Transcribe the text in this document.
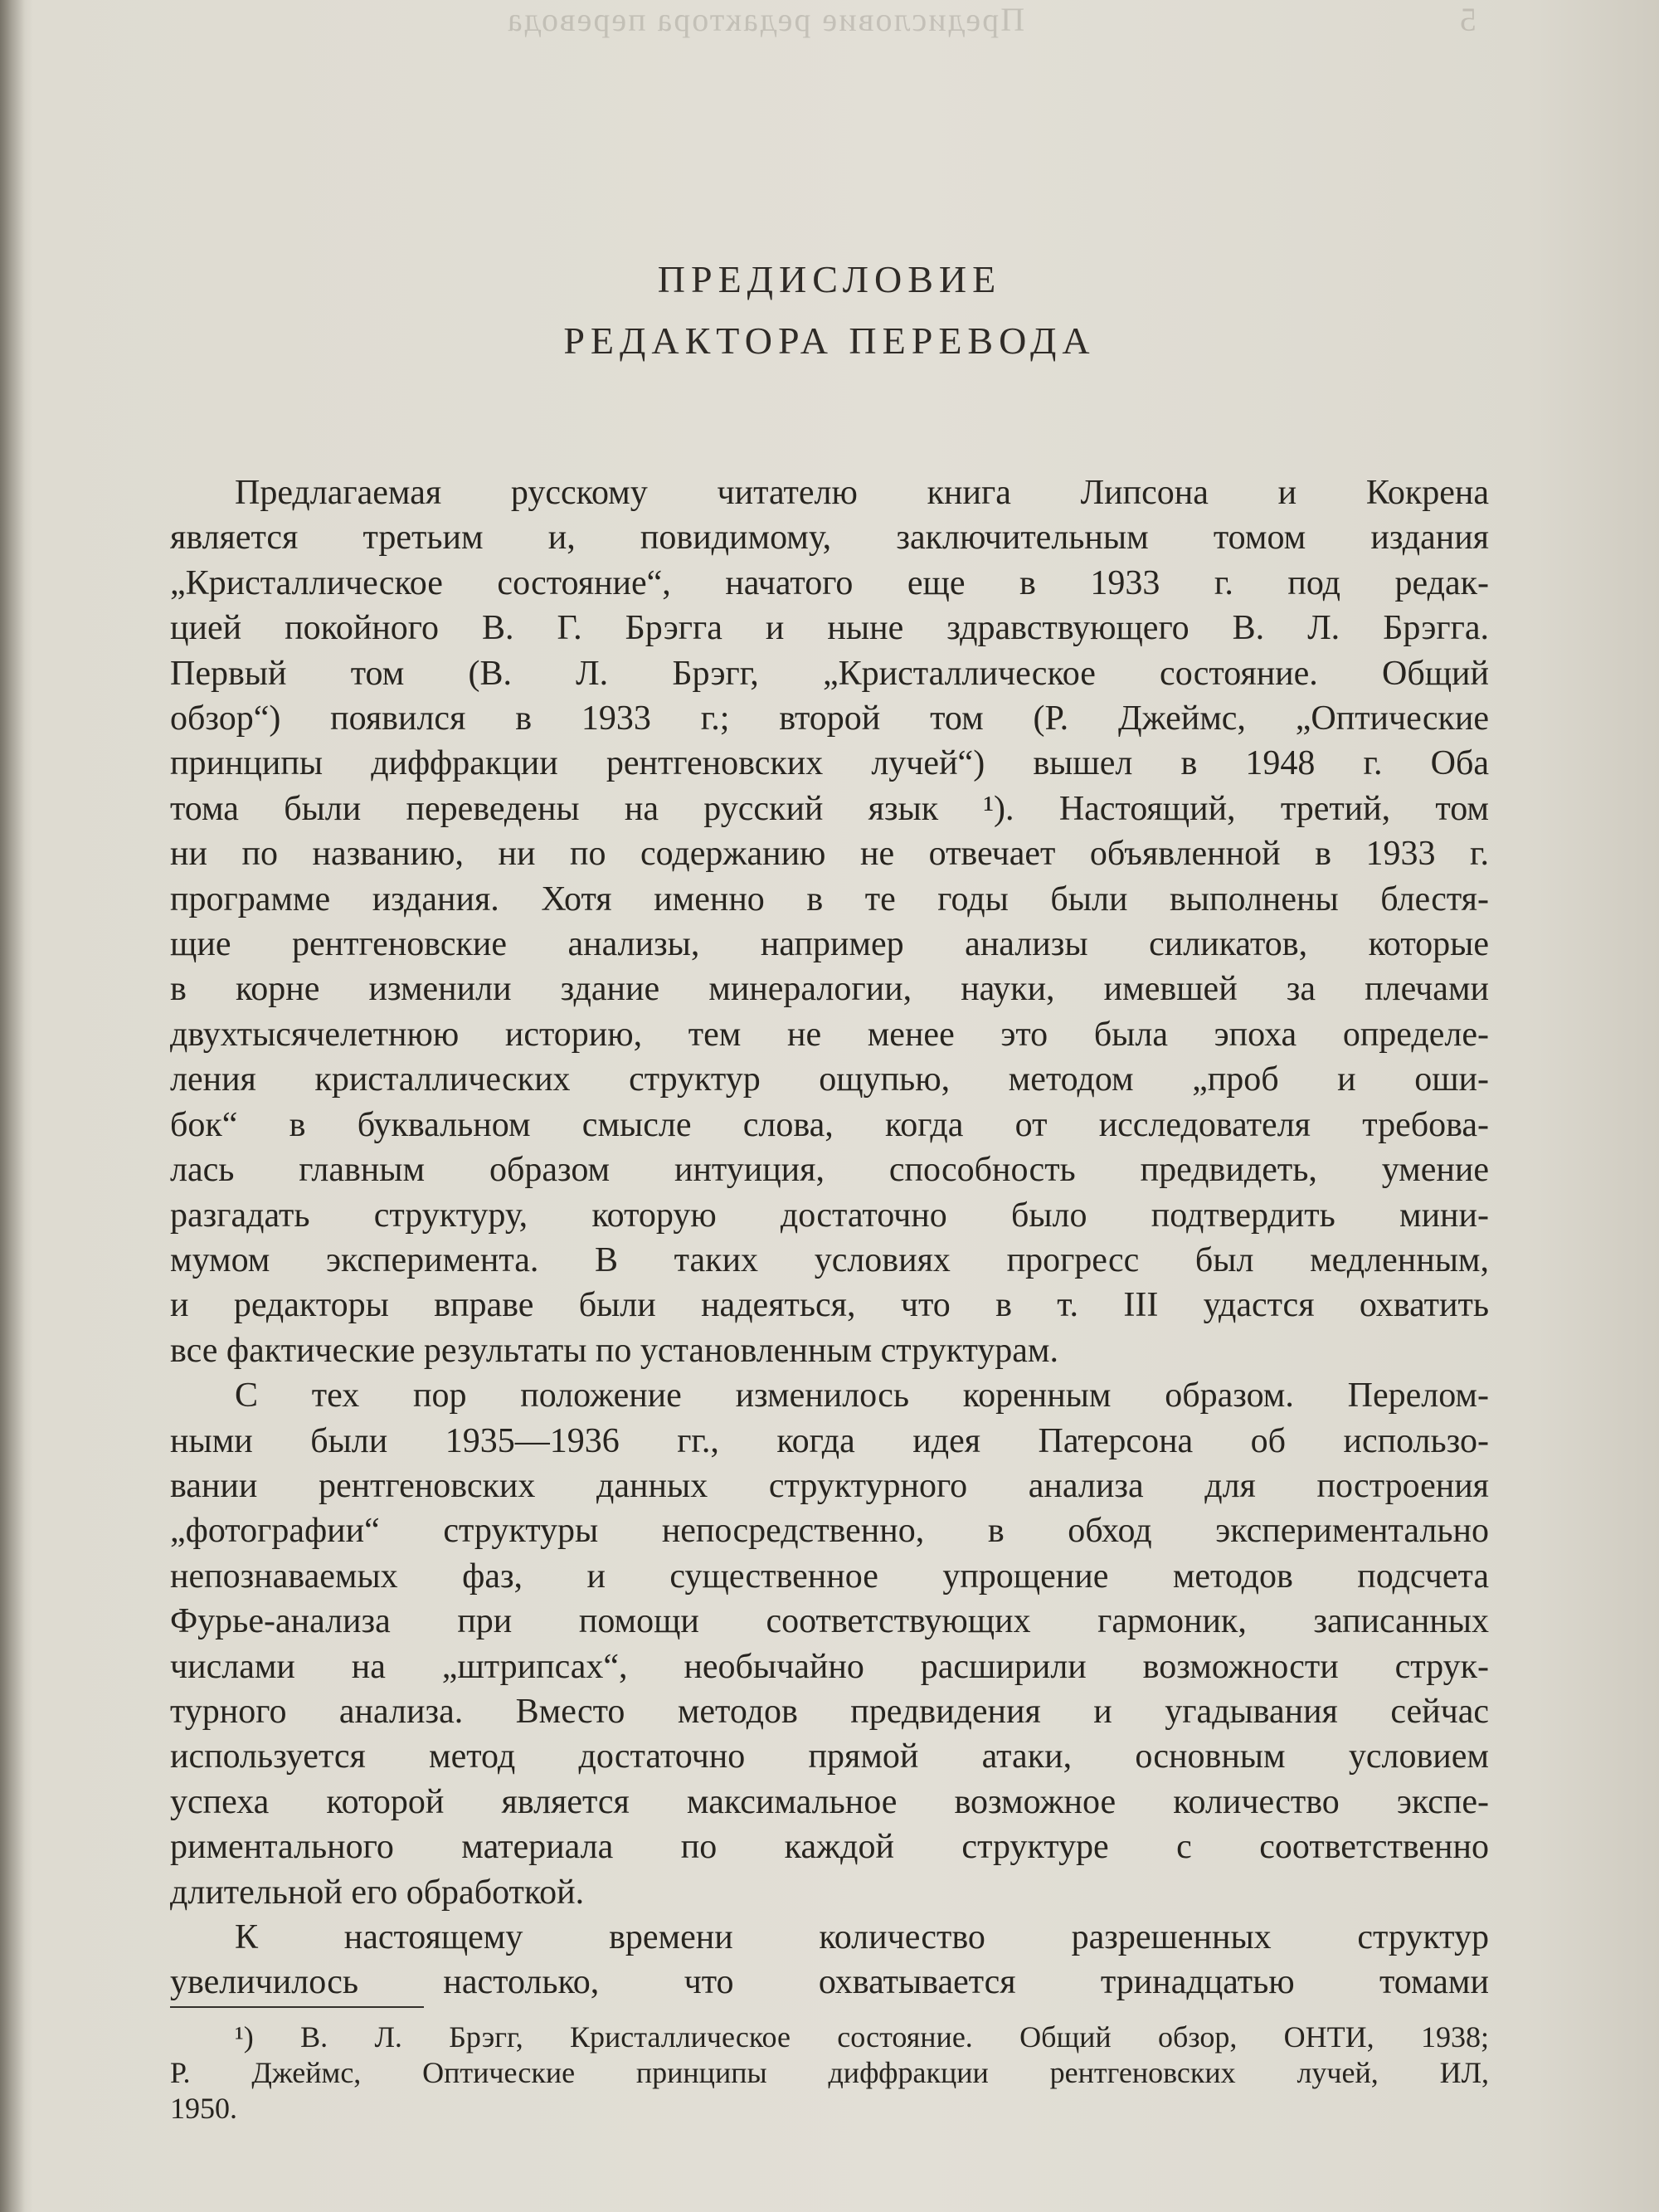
Предисловие редактора перевода	5
ПРЕДИСЛОВИЕ
РЕДАКТОРА ПЕРЕВОДА

Предлагаемая русскому читателю книга Липсона и Кокрена
является третьим и, повидимому, заключительным томом издания
„Кристаллическое состояние“, начатого еще в 1933 г. под редак-
цией покойного В. Г. Брэгга и ныне здравствующего В. Л. Брэгга.
Первый том (В. Л. Брэгг, „Кристаллическое состояние. Общий
обзор“) появился в 1933 г.; второй том (Р. Джеймс, „Оптические
принципы диффракции рентгеновских лучей“) вышел в 1948 г. Оба
тома были переведены на русский язык ¹). Настоящий, третий, том
ни по названию, ни по содержанию не отвечает объявленной в 1933 г.
программе издания. Хотя именно в те годы были выполнены блестя-
щие рентгеновские анализы, например анализы силикатов, которые
в корне изменили здание минералогии, науки, имевшей за плечами
двухтысячелетнюю историю, тем не менее это была эпоха определе-
ления кристаллических структур ощупью, методом „проб и оши-
бок“ в буквальном смысле слова, когда от исследователя требова-
лась главным образом интуиция, способность предвидеть, умение
разгадать структуру, которую достаточно было подтвердить мини-
мумом эксперимента. В таких условиях прогресс был медленным,
и редакторы вправе были надеяться, что в т. III удастся охватить
все фактические результаты по установленным структурам.

С тех пор положение изменилось коренным образом. Перелом-
ными были 1935—1936 гг., когда идея Патерсона об использо-
вании рентгеновских данных структурного анализа для построения
„фотографии“ структуры непосредственно, в обход экспериментально
непознаваемых фаз, и существенное упрощение методов подсчета
Фурье-анализа при помощи соответствующих гармоник, записанных
числами на „штрипсах“, необычайно расширили возможности струк-
турного анализа. Вместо методов предвидения и угадывания сейчас
используется метод достаточно прямой атаки, основным условием
успеха которой является максимальное возможное количество экспе-
риментального материала по каждой структуре с соответственно
длительной его обработкой.

К настоящему времени количество разрешенных структур
увеличилось настолько, что охватывается тринадцатью томами

¹) В. Л. Брэгг, Кристаллическое состояние. Общий обзор, ОНТИ, 1938;
Р. Джеймс, Оптические принципы диффракции рентгеновских лучей, ИЛ,
1950.
